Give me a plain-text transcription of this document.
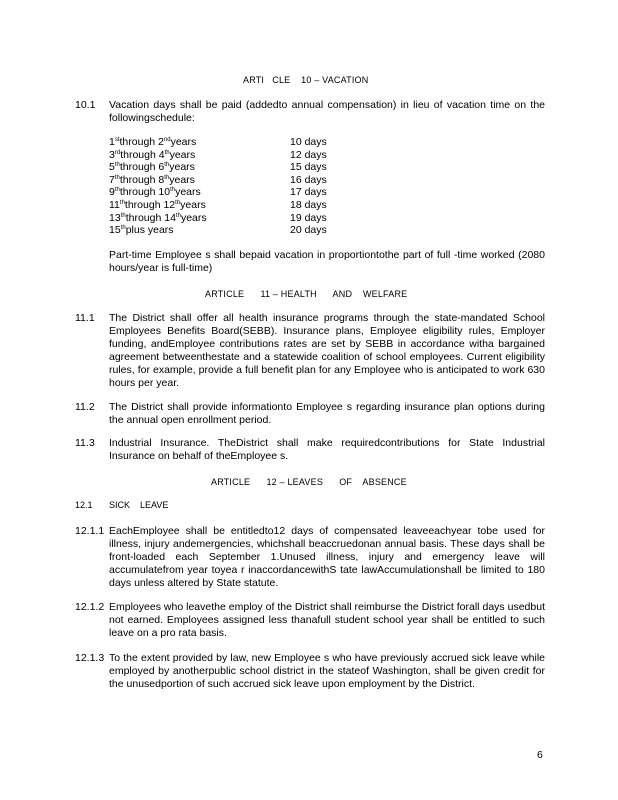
ARTI   CLE    10 – VACATION
10.1 Vacation days shall be paid (addedto annual compensation) in lieu of vacation time on the followingschedule:
1stthrough 2ndyears	10 days
3rdthrough 4thyears	12 days
5ththrough 6thyears	15 days
7ththrough 8thyears	16 days
9ththrough 10thyears	17 days
11ththrough 12thyears	18 days
13ththrough 14thyears	19 days
15thplus years	20 days
Part-time Employee s shall bepaid vacation in proportiontothe part of full -time worked (2080 hours/year is full-time)
ARTICLE      11 – HEALTH      AND    WELFARE
11.1 The District shall offer all health insurance programs through the state-mandated School Employees Benefits Board(SEBB). Insurance plans, Employee eligibility rules, Employer funding, andEmployee contributions rates are set by SEBB in accordance witha bargained agreement betweenthestate and a statewide coalition of school employees. Current eligibility rules, for example, provide a full benefit plan for any Employee who is anticipated to work 630 hours per year.
11.2 The District shall provide informationto Employee s regarding insurance plan options during the annual open enrollment period.
11.3 Industrial Insurance. TheDistrict shall make requiredcontributions for State Industrial Insurance on behalf of theEmployee s.
ARTICLE      12 – LEAVES      OF    ABSENCE
12.1 SICK    LEAVE
12.1.1 EachEmployee shall be entitledto12 days of compensated leaveeachyear tobe used for illness, injury andemergencies, whichshall beaccruedonan annual basis. These days shall be front-loaded each September 1.Unused illness, injury and emergency leave will accumulatefrom year toyea r inaccordancewithS tate lawAccumulationshall be limited to 180 days unless altered by State statute.
12.1.2 Employees who leavethe employ of the District shall reimburse the District forall days usedbut not earned. Employees assigned less thanafull student school year shall be entitled to such leave on a pro rata basis.
12.1.3 To the extent provided by law, new Employee s who have previously accrued sick leave while employed by anotherpublic school district in the stateof Washington, shall be given credit for the unusedportion of such accrued sick leave upon employment by the District.
6
